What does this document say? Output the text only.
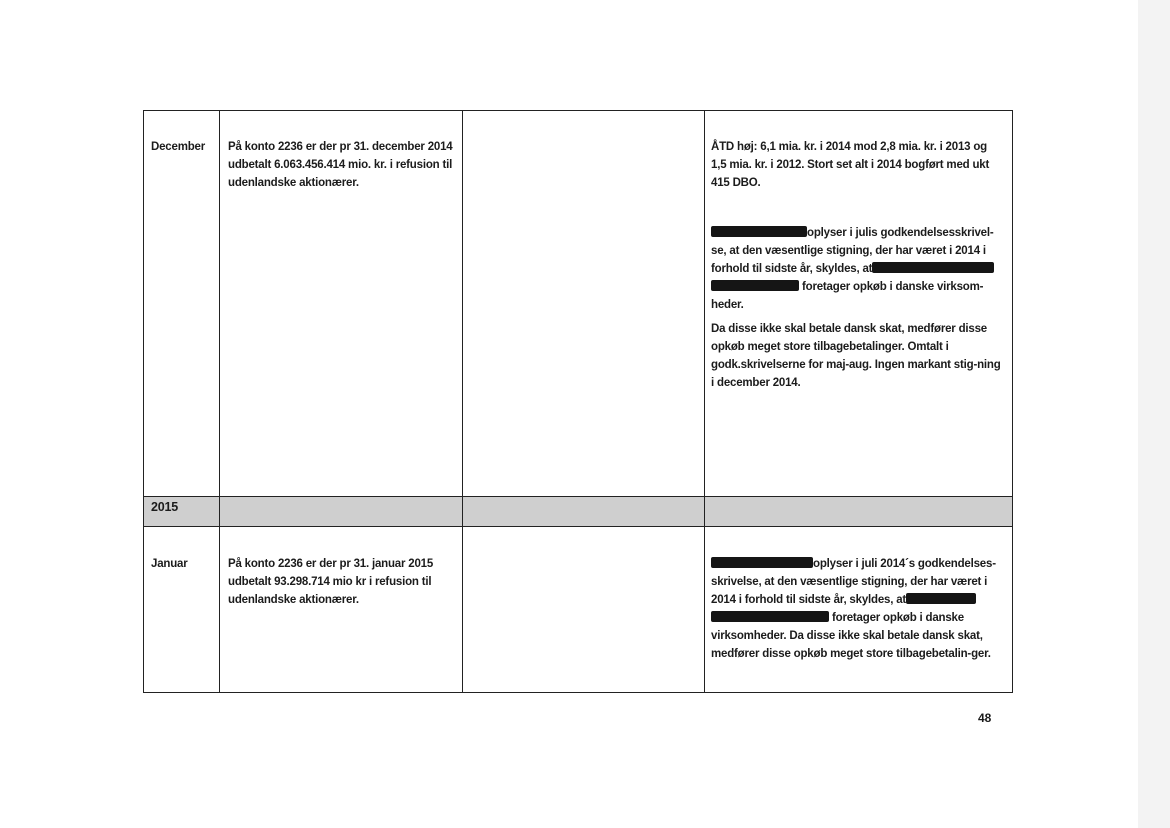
December	På konto 2236 er der pr 31. december 2014 udbetalt 6.063.456.414 mio. kr. i refusion til udenlandske aktionærer.

ÅTD høj: 6,1 mia. kr. i 2014 mod 2,8 mia. kr. i 2013 og 1,5 mia. kr. i 2012. Stort set alt i 2014 bogført med ukt 415 DBO.

oplyser i julis godkendelsesskrivel-se, at den væsentlige stigning, der har været i 2014 i forhold til sidste år, skyldes, at  foretager opkøb i danske virksom-heder.

Da disse ikke skal betale dansk skat, medfører disse opkøb meget store tilbagebetalinger. Omtalt i godk.skrivelserne for maj-aug. Ingen markant stig-ning i december 2014.

2015
Januar	På konto 2236 er der pr 31. januar 2015 udbetalt 93.298.714 mio kr i refusion til udenlandske aktionærer.

oplyser i juli 2014´s godkendelses-skrivelse, at den væsentlige stigning, der har været i 2014 i forhold til sidste år, skyldes, at  foretager opkøb i danske virksomheder. Da disse ikke skal betale dansk skat, medfører disse opkøb meget store tilbagebetalin-ger.

48
